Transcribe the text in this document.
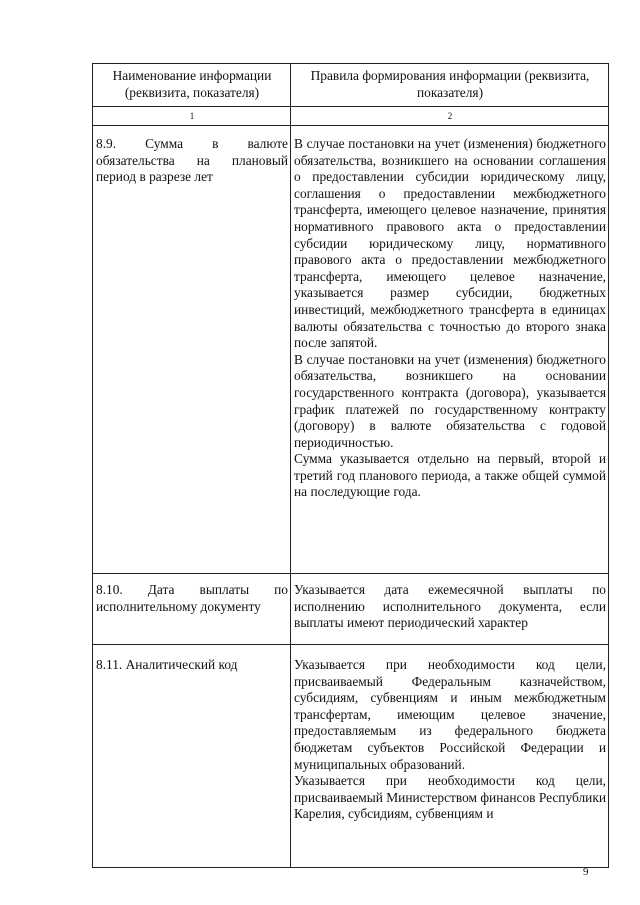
Наименование информации (реквизита, показателя)	Правила формирования информации (реквизита, показателя)
1	2
8.9. Сумма в валюте обязательства на плановый период в разрезе лет	В случае постановки на учет (изменения) бюджетного обязательства, возникшего на основании соглашения о предоставлении субсидии юридическому лицу, соглашения о предоставлении межбюджетного трансферта, имеющего целевое назначение, принятия нормативного правового акта о предоставлении субсидии юридическому лицу, нормативного правового акта о предоставлении межбюджетного трансферта, имеющего целевое назначение, указывается размер субсидии, бюджетных инвестиций, межбюджетного трансферта в единицах валюты обязательства с точностью до второго знака после запятой.

В случае постановки на учет (изменения) бюджетного обязательства, возникшего на основании государственного контракта (договора), указывается график платежей по государственному контракту (договору) в валюте обязательства с годовой периодичностью.

Сумма указывается отдельно на первый, второй и третий год планового периода, а также общей суммой на последующие года.

8.10. Дата выплаты по исполнительному документу	Указывается дата ежемесячной выплаты по исполнению исполнительного документа, если выплаты имеют периодический характер

8.11. Аналитический код	Указывается при необходимости код цели, присваиваемый Федеральным казначейством, субсидиям, субвенциям и иным межбюджетным трансфертам, имеющим целевое значение, предоставляемым из федерального бюджета бюджетам субъектов Российской Федерации и муниципальных образований.

Указывается при необходимости код цели, присваиваемый Министерством финансов Республики Карелия, субсидиям, субвенциям и

9
